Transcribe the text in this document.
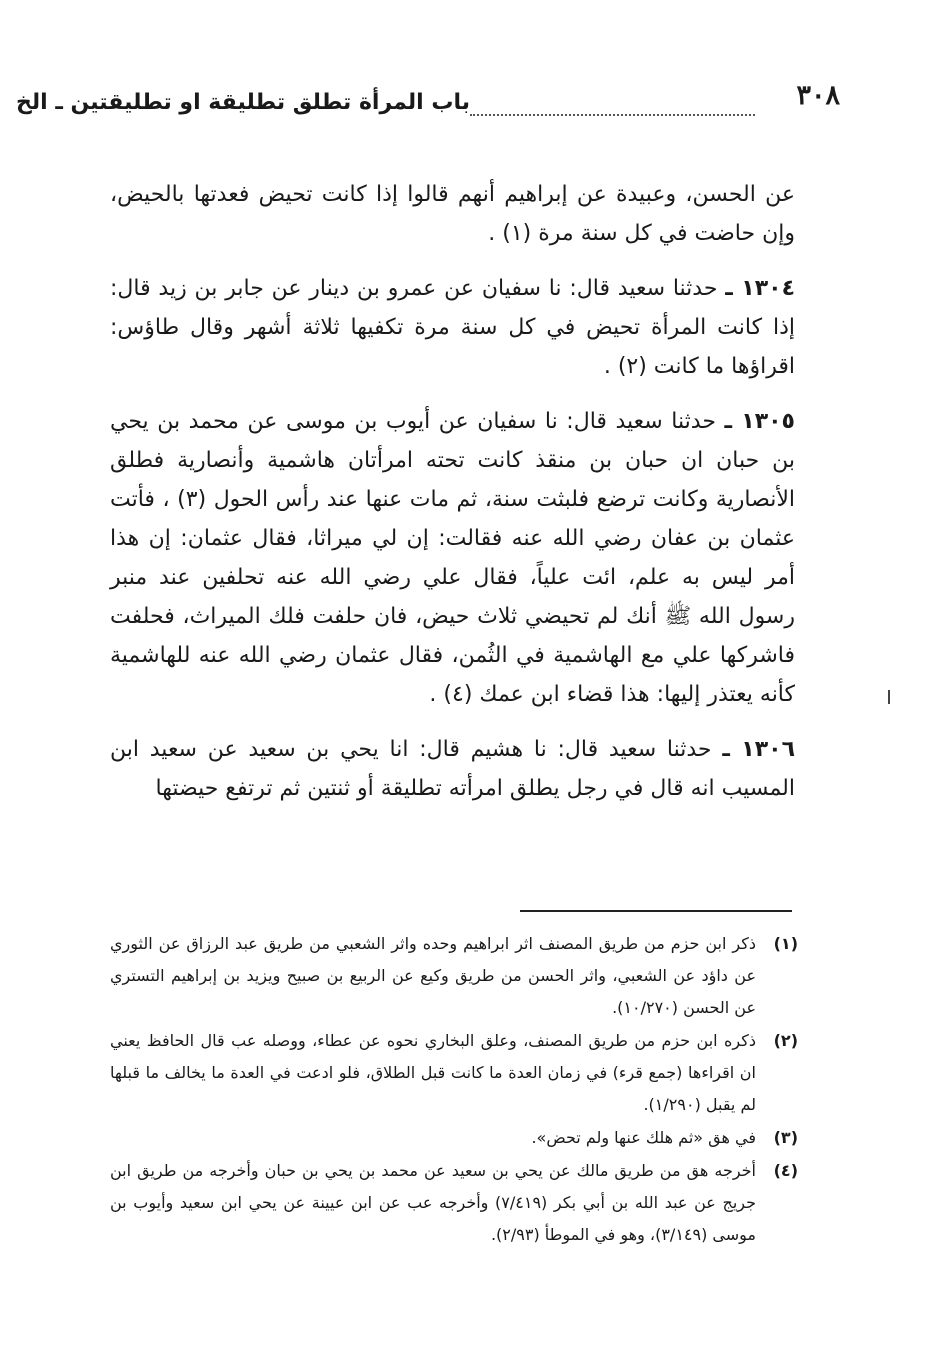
٣٠٨
باب المرأة تطلق تطليقة او تطليقتين ـ الخ

عن الحسن، وعبيدة عن إبراهيم أنهم قالوا إذا كانت تحيض فعدتها بالحيض، وإن حاضت في كل سنة مرة (١) .

١٣٠٤ ـ حدثنا سعيد قال: نا سفيان عن عمرو بن دينار عن جابر بن زيد قال: إذا كانت المرأة تحيض في كل سنة مرة تكفيها ثلاثة أشهر وقال طاؤس: اقراؤها ما كانت (٢) .

١٣٠٥ ـ حدثنا سعيد قال: نا سفيان عن أيوب بن موسى عن محمد بن يحي بن حبان ان حبان بن منقذ كانت تحته امرأتان هاشمية وأنصارية فطلق الأنصارية وكانت ترضع فلبثت سنة، ثم مات عنها عند رأس الحول (٣) ، فأتت عثمان بن عفان رضي الله عنه فقالت: إن لي ميراثا، فقال عثمان: إن هذا أمر ليس به علم، ائت علياً، فقال علي رضي الله عنه تحلفين عند منبر رسول الله ﷺ أنك لم تحيضي ثلاث حيض، فان حلفت فلك الميراث، فحلفت فاشركها علي مع الهاشمية في الثُمن، فقال عثمان رضي الله عنه للهاشمية كأنه يعتذر إليها: هذا قضاء ابن عمك (٤) .

١٣٠٦ ـ حدثنا سعيد قال: نا هشيم قال: انا يحي بن سعيد عن سعيد ابن المسيب انه قال في رجل يطلق امرأته تطليقة أو ثنتين ثم ترتفع حيضتها

(١)
ذكر ابن حزم من طريق المصنف اثر ابراهيم وحده واثر الشعبي من طريق عبد الرزاق عن الثوري عن داؤد عن الشعبي، واثر الحسن من طريق وكيع عن الربيع بن صبيح ويزيد بن إبراهيم التستري عن الحسن (١٠/٢٧٠).
(٢)
ذكره ابن حزم من طريق المصنف، وعلق البخاري نحوه عن عطاء، ووصله عب قال الحافظ يعني ان اقراءها (جمع قرء) في زمان العدة ما كانت قبل الطلاق، فلو ادعت في العدة ما يخالف ما قبلها لم يقبل (١/٢٩٠).
(٣)
في هق «ثم هلك عنها ولم تحض».
(٤)
أخرجه هق من طريق مالك عن يحي بن سعيد عن محمد بن يحي بن حبان وأخرجه من طريق ابن جريج عن عبد الله بن أبي بكر (٧/٤١٩) وأخرجه عب عن ابن عيينة عن يحي ابن سعيد وأيوب بن موسى (٣/١٤٩)، وهو في الموطأ (٢/٩٣).
